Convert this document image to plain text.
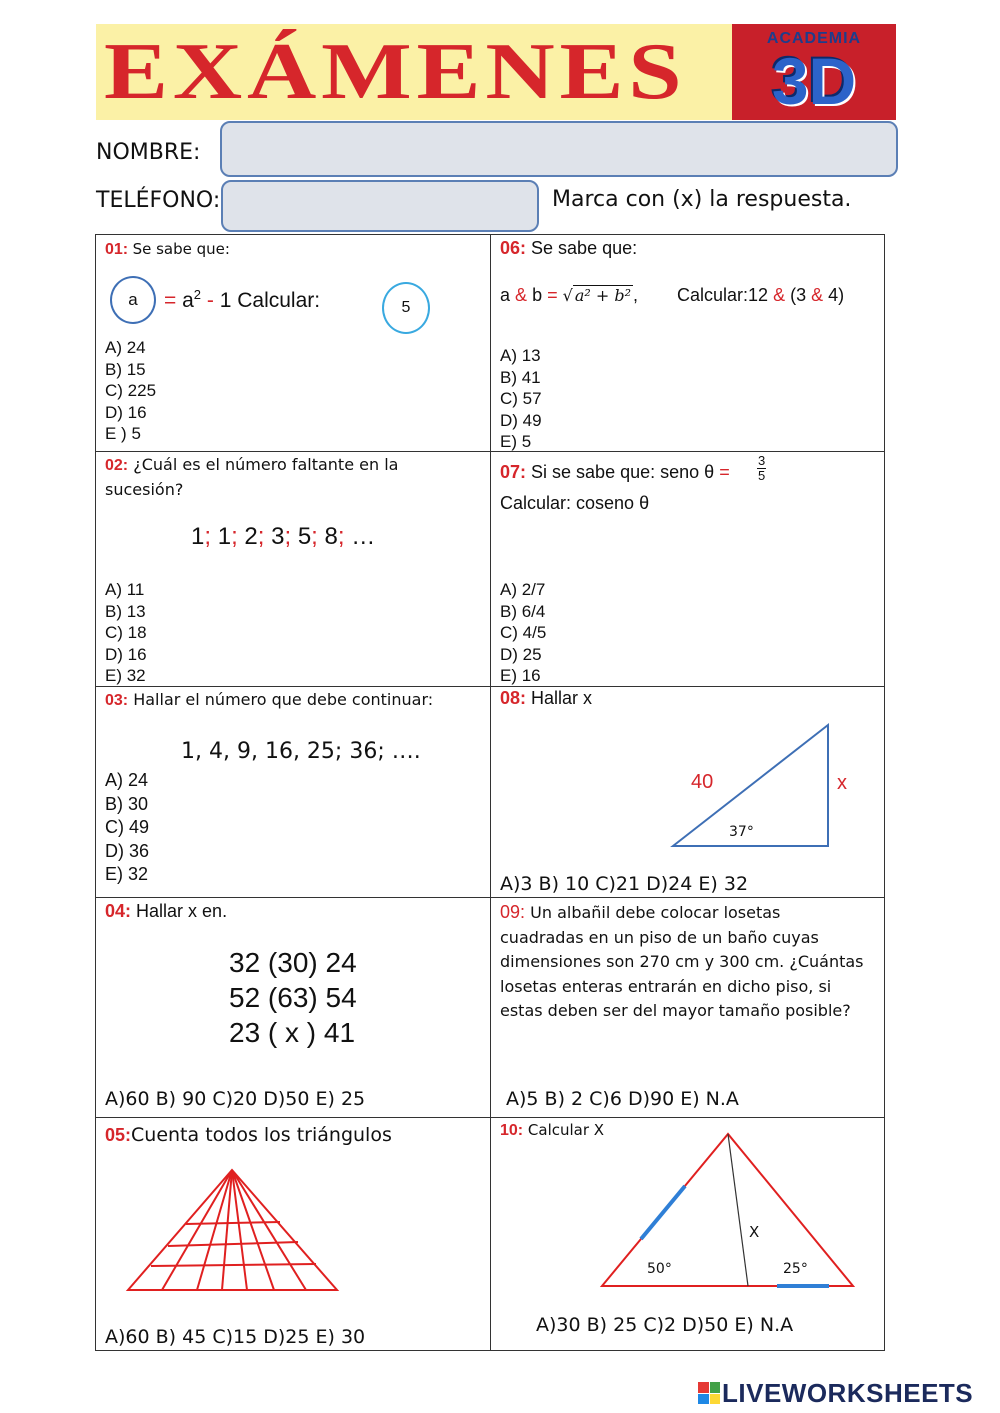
EXÁMENES	ACADEMIA
3D
NOMBRE:
TELÉFONO:	Marca con (x) la respuesta.
01: Se sabe que:
$a = a^2 - 1$ Calcular:	5
A) 24
B) 15
C) 225
D) 16
E ) 5
06: Se sabe que:
a & b = √ a² + b² , Calcular:12 & (3 & 4)
A) 13
B) 41
C) 57
D) 49
E) 5
02: ¿Cuál es el número faltante en la
sucesión?
1; 1; 2; 3; 5; 8; …
A) 11
B) 13
C) 18
D) 16
E) 32
07: Si se sabe que: seno $\theta = \frac{3}{5}$
Calcular: coseno θ
A) 2/7
B) 6/4
C) 4/5
D) 25
E) 16
03: Hallar el número que debe continuar:
1, 4, 9, 16, 25; 36; ….
A) 24
B) 30
C) 49
D) 36
E) 32
08: Hallar x
40	x
37°
A)3 B) 10 C)21 D)24 E) 32
04: Hallar x en.
32 (30) 24
52 (63) 54
23 ( x ) 41
A)60 B) 90 C)20 D)50 E) 25
09: Un albañil debe colocar losetas
cuadradas en un piso de un baño cuyas
dimensiones son 270 cm y 300 cm. ¿Cuántas
losetas enteras entrarán en dicho piso, si
estas deben ser del mayor tamaño posible?
A)5 B) 2 C)6 D)90 E) N.A
05:Cuenta todos los triángulos
A)60 B) 45 C)15 D)25 E) 30
10: Calcular X
X
50°	25°
A)30 B) 25 C)2 D)50 E) N.A
LIVEWORKSHEETS
